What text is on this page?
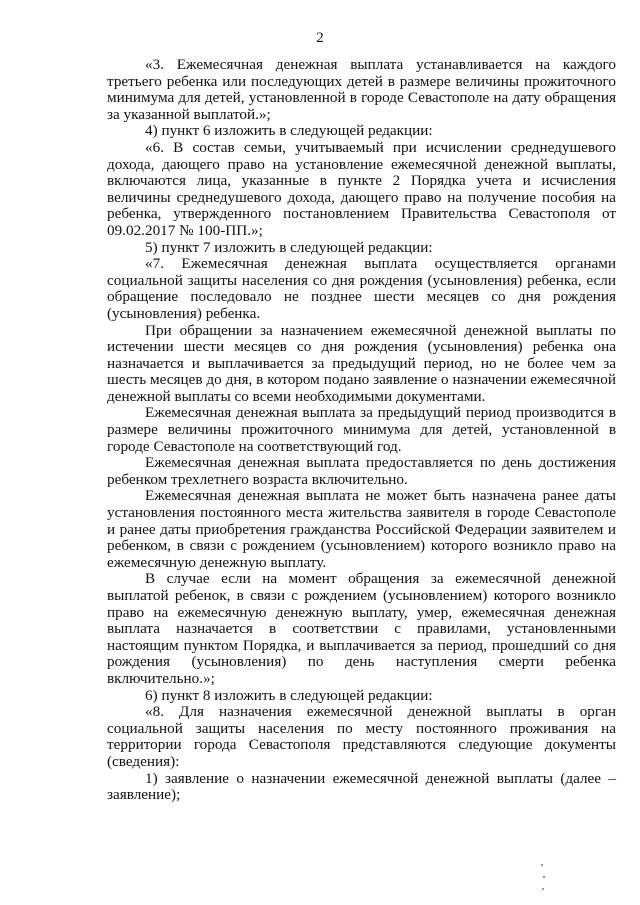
2

«3. Ежемесячная денежная выплата устанавливается на каждого третьего ребенка или последующих детей в размере величины прожиточного минимума для детей, установленной в городе Севастополе на дату обращения за указанной выплатой.»;

4) пункт 6 изложить в следующей редакции:

«6. В состав семьи, учитываемый при исчислении среднедушевого дохода, дающего право на установление ежемесячной денежной выплаты, включаются лица, указанные в пункте 2 Порядка учета и исчисления величины среднедушевого дохода, дающего право на получение пособия на ребенка, утвержденного постановлением Правительства Севастополя от 09.02.2017 № 100-ПП.»;

5) пункт 7 изложить в следующей редакции:

«7. Ежемесячная денежная выплата осуществляется органами социальной защиты населения со дня рождения (усыновления) ребенка, если обращение последовало не позднее шести месяцев со дня рождения (усыновления) ребенка.

При обращении за назначением ежемесячной денежной выплаты по истечении шести месяцев со дня рождения (усыновления) ребенка она назначается и выплачивается за предыдущий период, но не более чем за шесть месяцев до дня, в котором подано заявление о назначении ежемесячной денежной выплаты со всеми необходимыми документами.

Ежемесячная денежная выплата за предыдущий период производится в размере величины прожиточного минимума для детей, установленной в городе Севастополе на соответствующий год.

Ежемесячная денежная выплата предоставляется по день достижения ребенком трехлетнего возраста включительно.

Ежемесячная денежная выплата не может быть назначена ранее даты установления постоянного места жительства заявителя в городе Севастополе и ранее даты приобретения гражданства Российской Федерации заявителем и ребенком, в связи с рождением (усыновлением) которого возникло право на ежемесячную денежную выплату.

В случае если на момент обращения за ежемесячной денежной выплатой ребенок, в связи с рождением (усыновлением) которого возникло право на ежемесячную денежную выплату, умер, ежемесячная денежная выплата назначается в соответствии с правилами, установленными настоящим пунктом Порядка, и выплачивается за период, прошедший со дня рождения (усыновления) по день наступления смерти ребенка включительно.»;

6) пункт 8 изложить в следующей редакции:

«8. Для назначения ежемесячной денежной выплаты в орган социальной защиты населения по месту постоянного проживания на территории города Севастополя представляются следующие документы (сведения):

1) заявление о назначении ежемесячной денежной выплаты (далее – заявление);
